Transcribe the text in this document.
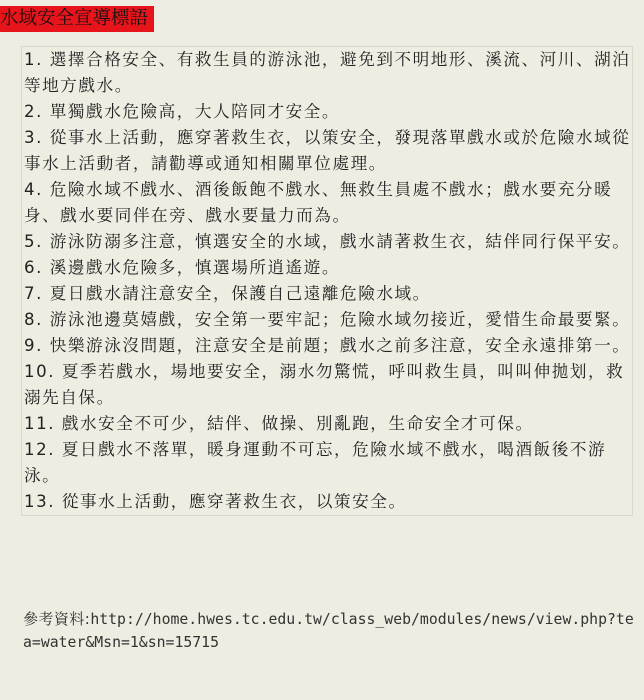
水域安全宣導標語
1. 選擇合格安全、有救生員的游泳池，避免到不明地形、溪流、河川、湖泊等地方戲水。
2. 單獨戲水危險高，大人陪同才安全。
3. 從事水上活動，應穿著救生衣，以策安全，發現落單戲水或於危險水域從事水上活動者，請勸導或通知相關單位處理。
4. 危險水域不戲水、酒後飯飽不戲水、無救生員處不戲水；戲水要充分暖身、戲水要同伴在旁、戲水要量力而為。
5. 游泳防溺多注意，慎選安全的水域，戲水請著救生衣，結伴同行保平安。
6. 溪邊戲水危險多，慎選場所逍遙遊。
7. 夏日戲水請注意安全，保護自己遠離危險水域。
8. 游泳池邊莫嬉戲，安全第一要牢記；危險水域勿接近，愛惜生命最要緊。
9. 快樂游泳沒問題，注意安全是前題；戲水之前多注意，安全永遠排第一。
10. 夏季若戲水，場地要安全，溺水勿驚慌，呼叫救生員，叫叫伸拋划，救溺先自保。
11. 戲水安全不可少，結伴、做操、別亂跑，生命安全才可保。
12. 夏日戲水不落單，暖身運動不可忘，危險水域不戲水，喝酒飯後不游泳。
13. 從事水上活動，應穿著救生衣，以策安全。
參考資料:http://home.hwes.tc.edu.tw/class_web/modules/news/view.php?tea=water&Msn=1&sn=15715
